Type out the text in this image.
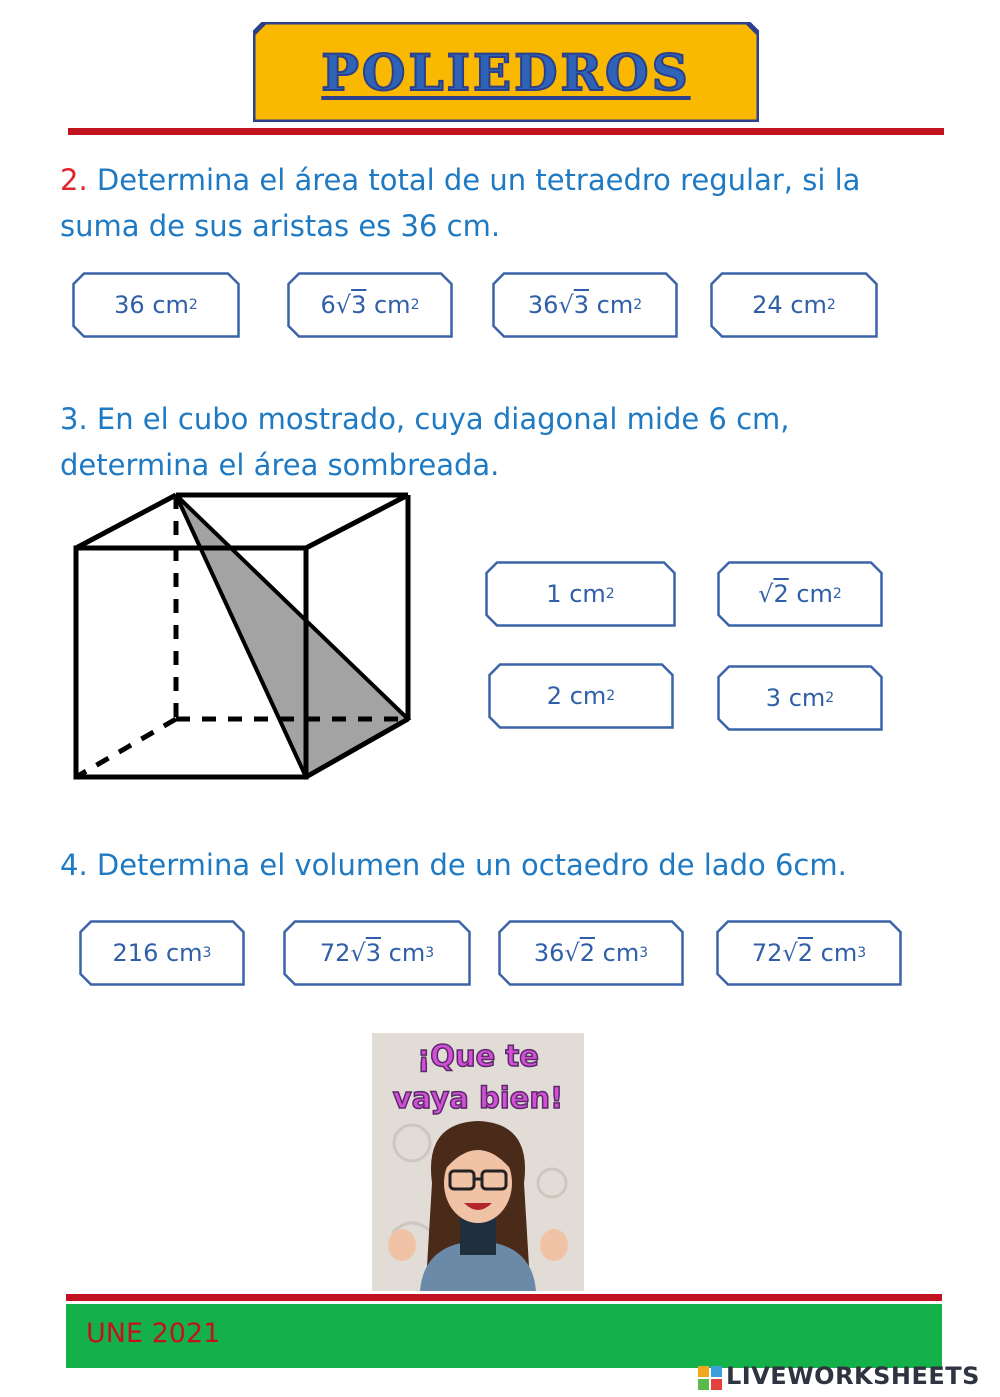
POLIEDROS
2. Determina el área total de un tetraedro regular, si la
suma de sus aristas es 36 cm.
36 cm 2	6 √ 3 cm 2	36 √ 3 cm 2	24 cm 2
3. En el cubo mostrado, cuya diagonal mide 6 cm,
determina el área sombreada.
1 cm 2	√ 2 cm 2
2 cm 2	3 cm 2
4. Determina el volumen de un octaedro de lado 6cm.
216 cm 3	72 √ 3 cm 3	36 √ 2 cm 3	72 √ 2 cm 3
¡Que te
vaya bien!
UNE 2021
LIVEWORKSHEETS
